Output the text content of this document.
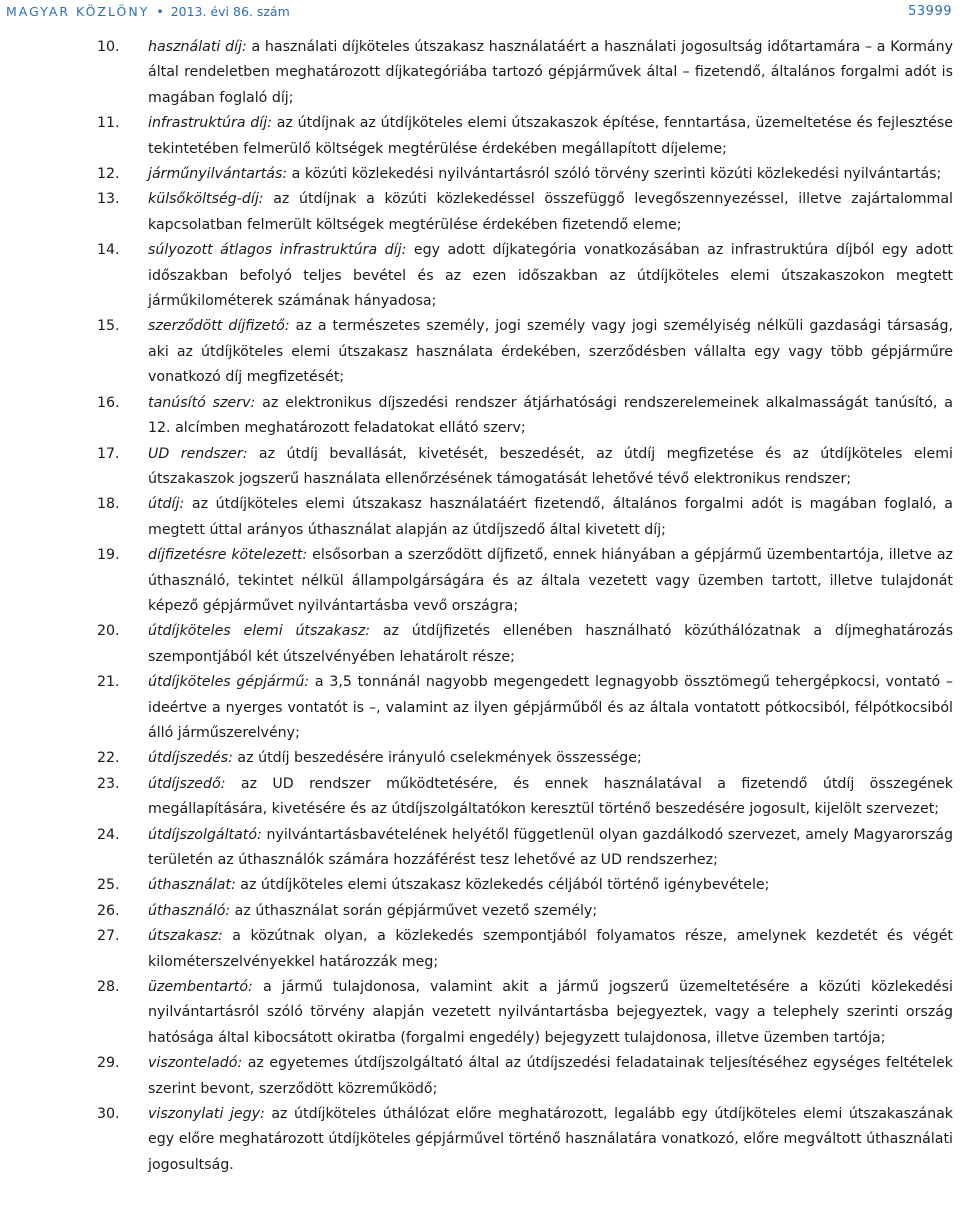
MAGYAR KÖZLÖNY • 2013. évi 86. szám	53999
10. használati díj: a használati díjköteles útszakasz használatáért a használati jogosultság időtartamára – a Kormány által rendeletben meghatározott díjkategóriába tartozó gépjárművek által – fizetendő, általános forgalmi adót is magában foglaló díj;
11. infrastruktúra díj: az útdíjnak az útdíjköteles elemi útszakaszok építése, fenntartása, üzemeltetése és fejlesztése tekintetében felmerülő költségek megtérülése érdekében megállapított díjeleme;
12. járműnyilvántartás: a közúti közlekedési nyilvántartásról szóló törvény szerinti közúti közlekedési nyilvántartás;
13. külsőköltség-díj: az útdíjnak a közúti közlekedéssel összefüggő levegőszennyezéssel, illetve zajártalommal kapcsolatban felmerült költségek megtérülése érdekében fizetendő eleme;
14. súlyozott átlagos infrastruktúra díj: egy adott díjkategória vonatkozásában az infrastruktúra díjból egy adott időszakban befolyó teljes bevétel és az ezen időszakban az útdíjköteles elemi útszakaszokon megtett járműkilométerek számának hányadosa;
15. szerződött díjfizető: az a természetes személy, jogi személy vagy jogi személyiség nélküli gazdasági társaság, aki az útdíjköteles elemi útszakasz használata érdekében, szerződésben vállalta egy vagy több gépjárműre vonatkozó díj megfizetését;
16. tanúsító szerv: az elektronikus díjszedési rendszer átjárhatósági rendszerelemeinek alkalmasságát tanúsító, a 12. alcímben meghatározott feladatokat ellátó szerv;
17. UD rendszer: az útdíj bevallását, kivetését, beszedését, az útdíj megfizetése és az útdíjköteles elemi útszakaszok jogszerű használata ellenőrzésének támogatását lehetővé tévő elektronikus rendszer;
18. útdíj: az útdíjköteles elemi útszakasz használatáért fizetendő, általános forgalmi adót is magában foglaló, a megtett úttal arányos úthasználat alapján az útdíjszedő által kivetett díj;
19. díjfizetésre kötelezett: elsősorban a szerződött díjfizető, ennek hiányában a gépjármű üzembentartója, illetve az úthasználó, tekintet nélkül állampolgárságára és az általa vezetett vagy üzemben tartott, illetve tulajdonát képező gépjárművet nyilvántartásba vevő országra;
20. útdíjköteles elemi útszakasz: az útdíjfizetés ellenében használható közúthálózatnak a díjmeghatározás szempontjából két útszelvényében lehatárolt része;
21. útdíjköteles gépjármű: a 3,5 tonnánál nagyobb megengedett legnagyobb össztömegű tehergépkocsi, vontató – ideértve a nyerges vontatót is –, valamint az ilyen gépjárműből és az általa vontatott pótkocsiból, félpótkocsiból álló járműszerelvény;
22. útdíjszedés: az útdíj beszedésére irányuló cselekmények összessége;
23. útdíjszedő: az UD rendszer működtetésére, és ennek használatával a fizetendő útdíj összegének megállapítására, kivetésére és az útdíjszolgáltatókon keresztül történő beszedésére jogosult, kijelölt szervezet;
24. útdíjszolgáltató: nyilvántartásbavételének helyétől függetlenül olyan gazdálkodó szervezet, amely Magyarország területén az úthasználók számára hozzáférést tesz lehetővé az UD rendszerhez;
25. úthasználat: az útdíjköteles elemi útszakasz közlekedés céljából történő igénybevétele;
26. úthasználó: az úthasználat során gépjárművet vezető személy;
27. útszakasz: a közútnak olyan, a közlekedés szempontjából folyamatos része, amelynek kezdetét és végét kilométerszelvényekkel határozzák meg;
28. üzembentartó: a jármű tulajdonosa, valamint akit a jármű jogszerű üzemeltetésére a közúti közlekedési nyilvántartásról szóló törvény alapján vezetett nyilvántartásba bejegyeztek, vagy a telephely szerinti ország hatósága által kibocsátott okiratba (forgalmi engedély) bejegyzett tulajdonosa, illetve üzemben tartója;
29. viszonteladó: az egyetemes útdíjszolgáltató által az útdíjszedési feladatainak teljesítéséhez egységes feltételek szerint bevont, szerződött közreműködő;
30. viszonylati jegy: az útdíjköteles úthálózat előre meghatározott, legalább egy útdíjköteles elemi útszakaszának egy előre meghatározott útdíjköteles gépjárművel történő használatára vonatkozó, előre megváltott úthasználati jogosultság.
